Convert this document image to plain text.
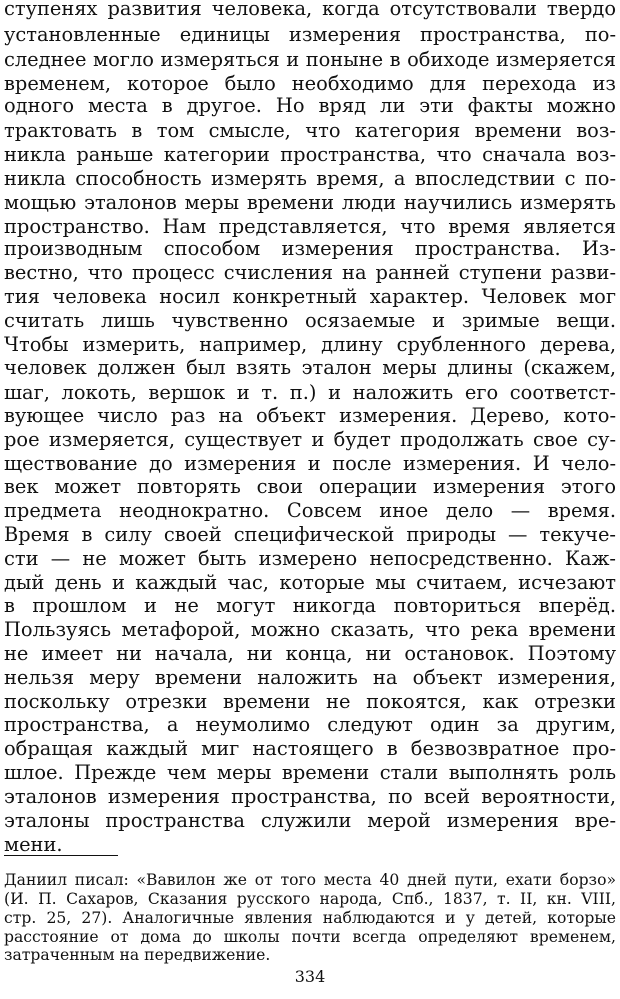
ступенях развития человека, когда отсутствовали твердо
установленные единицы измерения пространства, по-
следнее могло измеряться и поныне в обиходе измеряется
временем, которое было необходимо для перехода из
одного места в другое. Но вряд ли эти факты можно
трактовать в том смысле, что категория времени воз-
никла раньше категории пространства, что сначала воз-
никла способность измерять время, а впоследствии с по-
мощью эталонов меры времени люди научились измерять
пространство. Нам представляется, что время является
производным способом измерения пространства. Из-
вестно, что процесс счисления на ранней ступени разви-
тия человека носил конкретный характер. Человек мог
считать лишь чувственно осязаемые и зримые вещи.
Чтобы измерить, например, длину срубленного дерева,
человек должен был взять эталон меры длины (скажем,
шаг, локоть, вершок и т. п.) и наложить его соответст-
вующее число раз на объект измерения. Дерево, кото-
рое измеряется, существует и будет продолжать свое су-
ществование до измерения и после измерения. И чело-
век может повторять свои операции измерения этого
предмета неоднократно. Совсем иное дело — время.
Время в силу своей специфической природы — текуче-
сти — не может быть измерено непосредственно. Каж-
дый день и каждый час, которые мы считаем, исчезают
в прошлом и не могут никогда повториться вперёд.
Пользуясь метафорой, можно сказать, что река времени
не имеет ни начала, ни конца, ни остановок. Поэтому
нельзя меру времени наложить на объект измерения,
поскольку отрезки времени не покоятся, как отрезки
пространства, а неумолимо следуют один за другим,
обращая каждый миг настоящего в безвозвратное про-
шлое. Прежде чем меры времени стали выполнять роль
эталонов измерения пространства, по всей вероятности,
эталоны пространства служили мерой измерения вре-
мени.
Даниил писал: «Вавилон же от того места 40 дней пути, ехати борзо»
(И. П. Сахаров, Сказания русского народа, Спб., 1837, т. II, кн. VIII,
стр. 25, 27). Аналогичные явления наблюдаются и у детей, которые
расстояние от дома до школы почти всегда определяют временем,
затраченным на передвижение.
334
